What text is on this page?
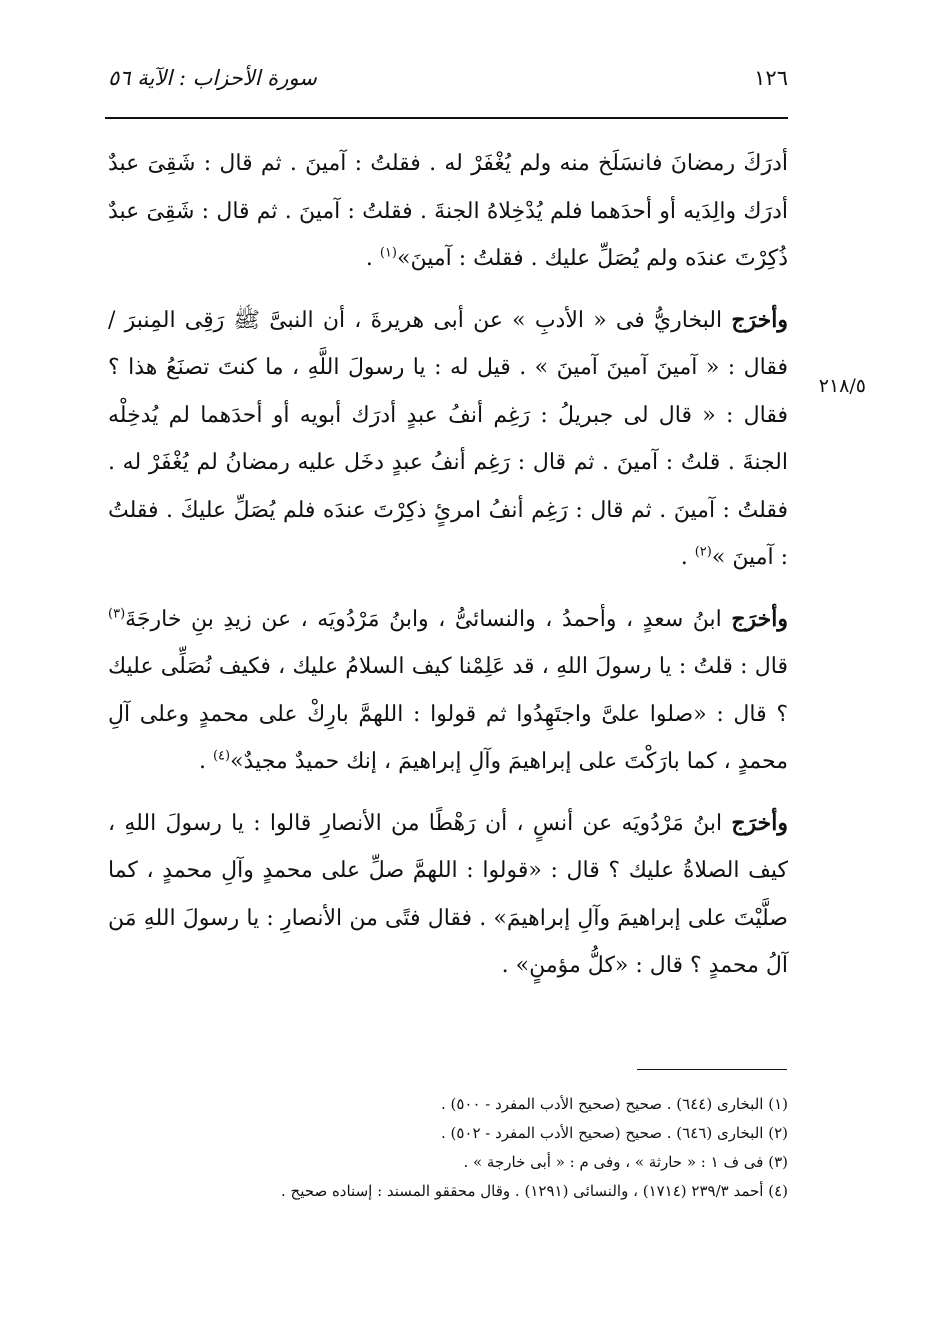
١٢٦
سورة الأحزاب : الآية ٥٦
٢١٨/٥

أدرَكَ رمضانَ فانسَلَخ منه ولم يُغْفَرْ له . فقلتُ : آمينَ . ثم قال : شَقِىَ عبدٌ أدرَك والِدَيه أو أحدَهما فلم يُدْخِلاهُ الجنةَ . فقلتُ : آمينَ . ثم قال : شَقِىَ عبدٌ ذُكِرْتَ عندَه ولم يُصَلِّ عليك . فقلتُ : آمينَ»$^{(١)}$ .

وأخرَج البخاريُّ فى « الأدبِ » عن أبى هريرةَ ، أن النبىَّ ﷺ رَقِى المِنبرَ /فقال : « آمينَ آمينَ آمينَ » . قيل له : يا رسولَ اللَّهِ ، ما كنتَ تصنَعُ هذا ؟ فقال : « قال لى جبريلُ : رَغِم أنفُ عبدٍ أدرَك أبويه أو أحدَهما لم يُدخِلْه الجنةَ . قلتُ : آمينَ . ثم قال : رَغِم أنفُ عبدٍ دخَل عليه رمضانُ لم يُغْفَرْ له . فقلتُ : آمينَ . ثم قال : رَغِم أنفُ امرئٍ ذكِرْتَ عندَه فلم يُصَلِّ عليكَ . فقلتُ : آمينَ »$^{(٢)}$ .

وأخرَج ابنُ سعدٍ ، وأحمدُ ، والنسائىُّ ، وابنُ مَرْدُويَه ، عن زيدِ بنِ خارجَةَ$^{(٣)}$ قال : قلتُ : يا رسولَ اللهِ ، قد عَلِمْنا كيف السلامُ عليك ، فكيف نُصَلِّى عليك ؟ قال : «صلوا علىَّ واجتَهِدُوا ثم قولوا : اللهمَّ بارِكْ على محمدٍ وعلى آلِ محمدٍ ، كما بارَكْتَ على إبراهيمَ وآلِ إبراهيمَ ، إنك حميدٌ مجيدٌ»$^{(٤)}$ .

وأخرَج ابنُ مَرْدُويَه عن أنسٍ ، أن رَهْطًا من الأنصارِ قالوا : يا رسولَ اللهِ ، كيف الصلاةُ عليك ؟ قال : «قولوا : اللهمَّ صلِّ على محمدٍ وآلِ محمدٍ ، كما صلَّيْتَ على إبراهيمَ وآلِ إبراهيمَ» . فقال فتًى من الأنصارِ : يا رسولَ اللهِ مَن آلُ محمدٍ ؟ قال : «كلُّ مؤمنٍ» .

(١) البخارى (٦٤٤) . صحيح (صحيح الأدب المفرد - ٥٠٠) .

(٢) البخارى (٦٤٦) . صحيح (صحيح الأدب المفرد - ٥٠٢) .

(٣) فى ف ١ : « حارثة » ، وفى م : « أبى خارجة » .

(٤) أحمد ٢٣٩/٣ (١٧١٤) ، والنسائى (١٢٩١) . وقال محققو المسند : إسناده صحيح .
